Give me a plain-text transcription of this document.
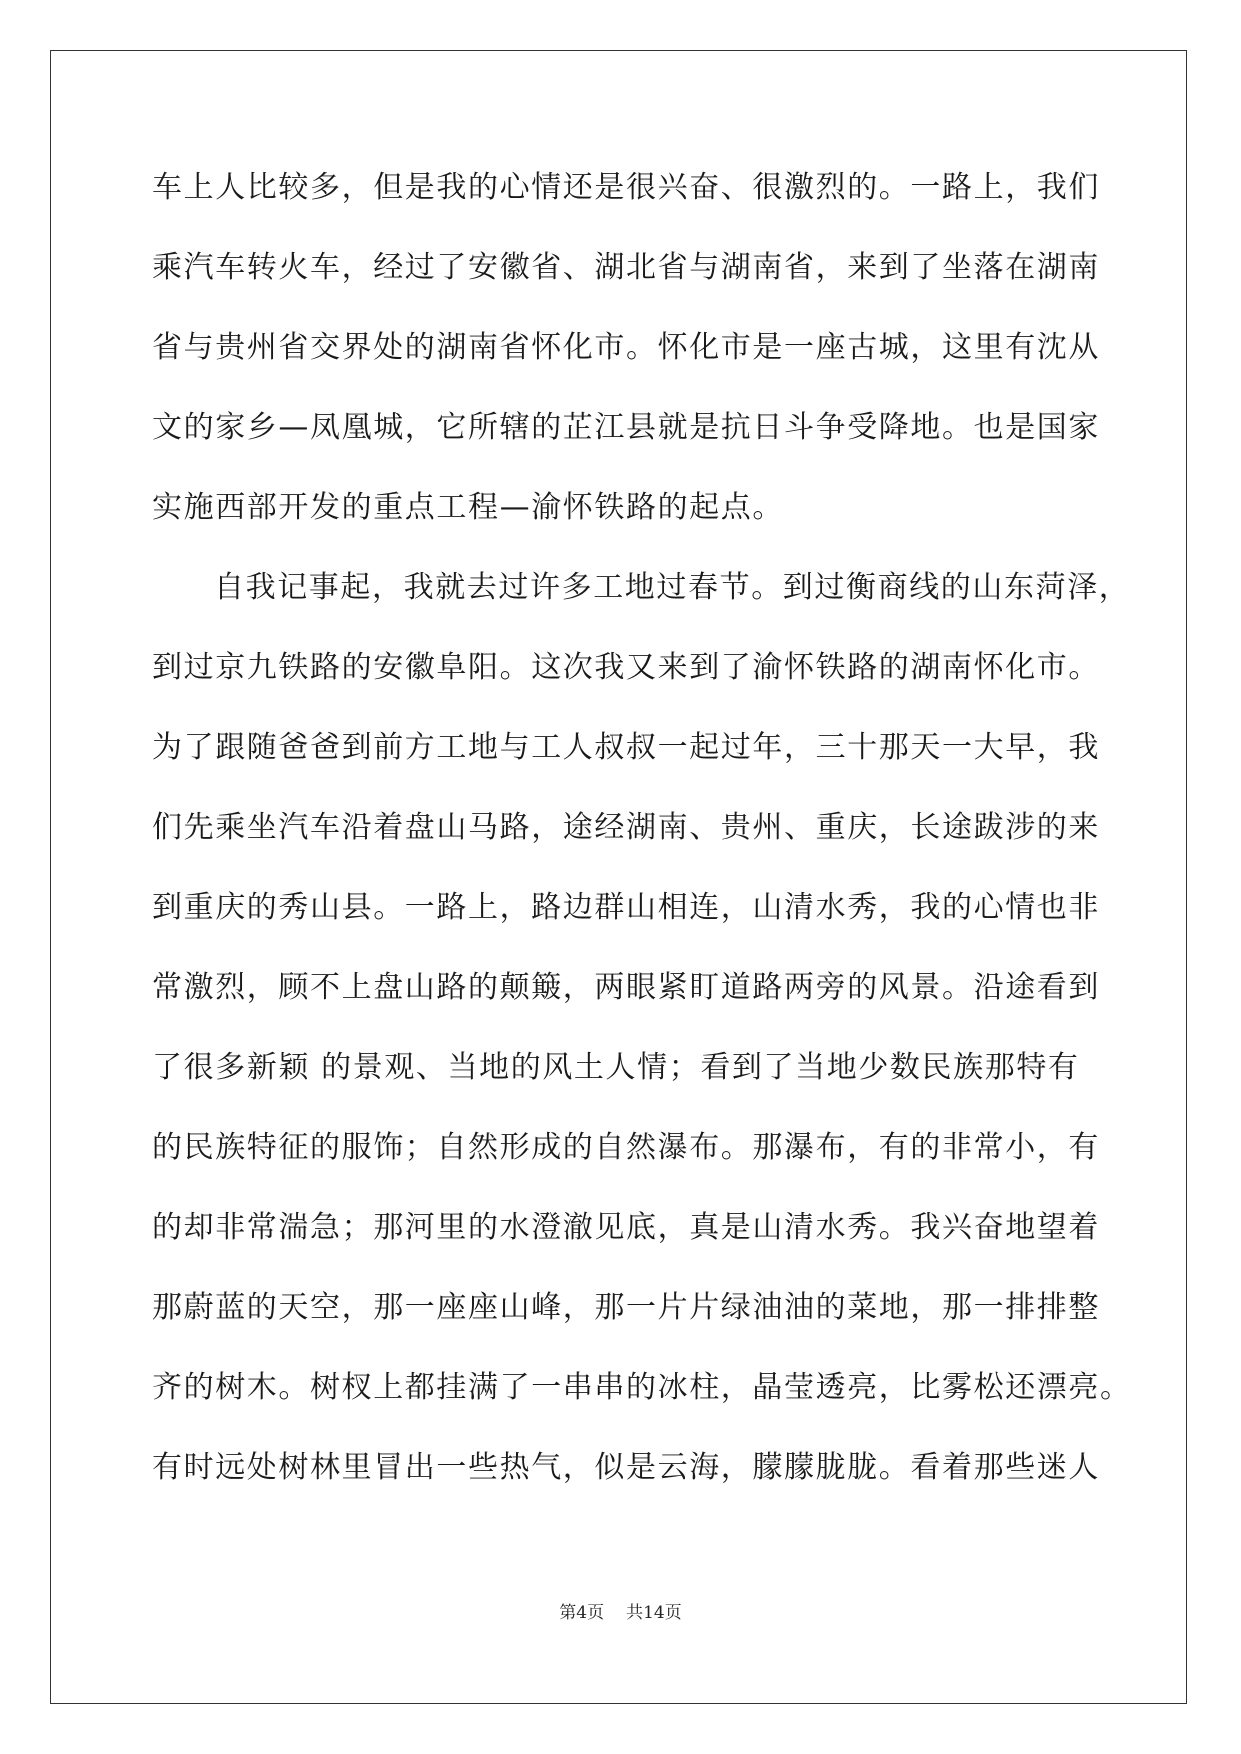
车上人比较多，但是我的心情还是很兴奋、很激烈的。一路上，我们
乘汽车转火车，经过了安徽省、湖北省与湖南省，来到了坐落在湖南
省与贵州省交界处的湖南省怀化市。怀化市是一座古城，这里有沈从
文的家乡—凤凰城，它所辖的芷江县就是抗日斗争受降地。也是国家
实施西部开发的重点工程—渝怀铁路的起点。
自我记事起，我就去过许多工地过春节。到过衡商线的山东菏泽，
到过京九铁路的安徽阜阳。这次我又来到了渝怀铁路的湖南怀化市。
为了跟随爸爸到前方工地与工人叔叔一起过年，三十那天一大早，我
们先乘坐汽车沿着盘山马路，途经湖南、贵州、重庆，长途跋涉的来
到重庆的秀山县。一路上，路边群山相连，山清水秀，我的心情也非
常激烈，顾不上盘山路的颠簸，两眼紧盯道路两旁的风景。沿途看到
了很多新颖 的景观、当地的风土人情；看到了当地少数民族那特有
的民族特征的服饰；自然形成的自然瀑布。那瀑布，有的非常小，有
的却非常湍急；那河里的水澄澈见底，真是山清水秀。我兴奋地望着
那蔚蓝的天空，那一座座山峰，那一片片绿油油的菜地，那一排排整
齐的树木。树杈上都挂满了一串串的冰柱，晶莹透亮，比雾松还漂亮。
有时远处树林里冒出一些热气，似是云海，朦朦胧胧。看着那些迷人
第4页 共14页
